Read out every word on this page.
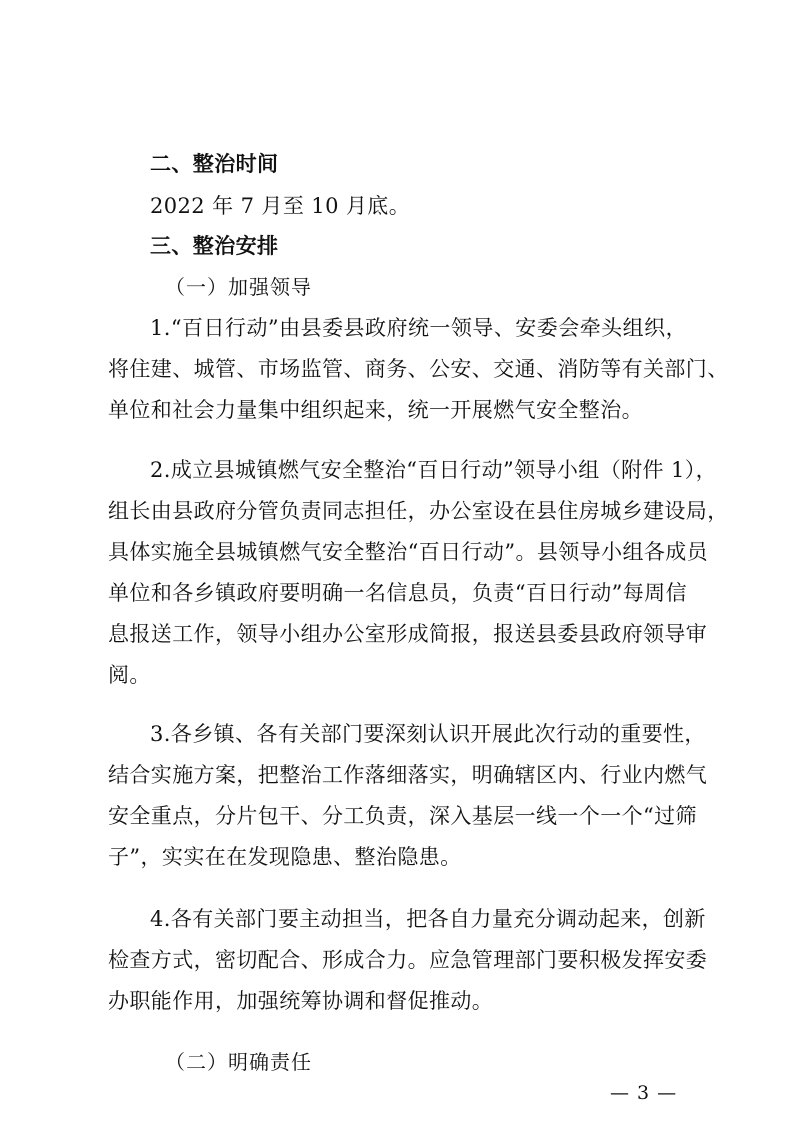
二、整治时间
2022 年 7 月至 10 月底。
三、整治安排
（一）加强领导
1.“百日行动”由县委县政府统一领导、安委会牵头组织，
将住建、城管、市场监管、商务、公安、交通、消防等有关部门、
单位和社会力量集中组织起来，统一开展燃气安全整治。
2.成立县城镇燃气安全整治“百日行动”领导小组（附件 1），
组长由县政府分管负责同志担任，办公室设在县住房城乡建设局，
具体实施全县城镇燃气安全整治“百日行动”。县领导小组各成员
单位和各乡镇政府要明确一名信息员，负责“百日行动”每周信
息报送工作，领导小组办公室形成简报，报送县委县政府领导审
阅。
3.各乡镇、各有关部门要深刻认识开展此次行动的重要性，
结合实施方案，把整治工作落细落实，明确辖区内、行业内燃气
安全重点，分片包干、分工负责，深入基层一线一个一个“过筛
子”，实实在在发现隐患、整治隐患。
4.各有关部门要主动担当，把各自力量充分调动起来，创新
检查方式，密切配合、形成合力。应急管理部门要积极发挥安委
办职能作用，加强统筹协调和督促推动。
（二）明确责任
— 3 —
